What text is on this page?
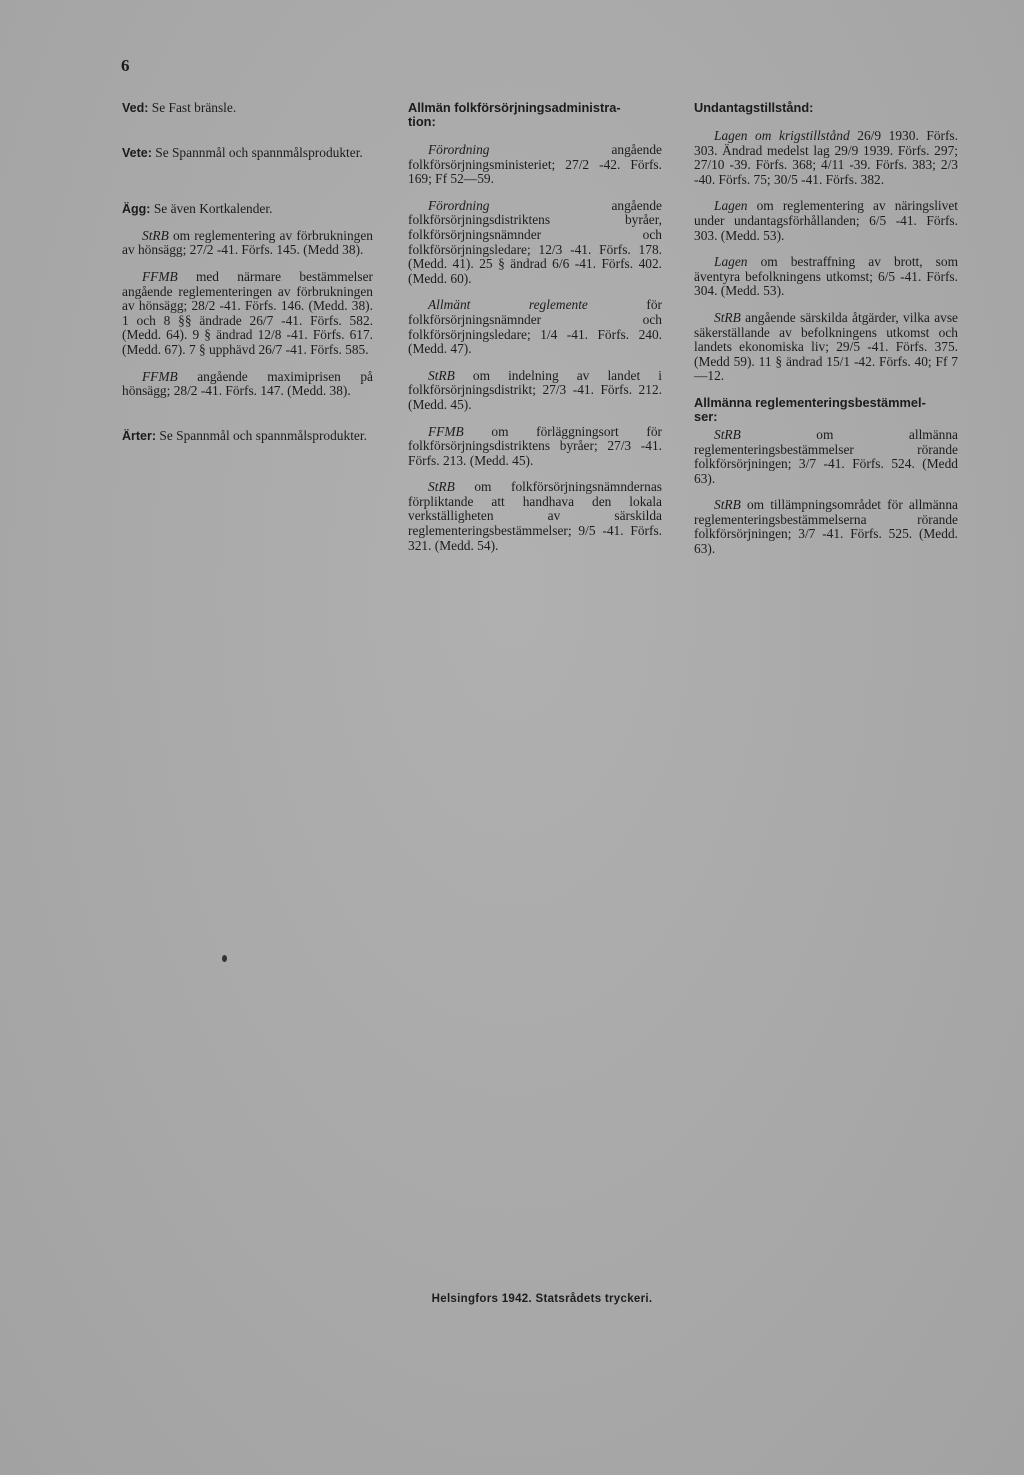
6

Ved: Se Fast bränsle.

Vete: Se Spannmål och spannmålsprodukter.

Ägg: Se även Kortkalender.

StRB om reglementering av förbrukningen av hönsägg; 27/2 -41. Förfs. 145. (Medd 38).

FFMB med närmare bestämmelser angående reglementeringen av förbrukningen av hönsägg; 28/2 -41. Förfs. 146. (Medd. 38). 1 och 8 §§ ändrade 26/7 -41. Förfs. 582. (Medd. 64). 9 § ändrad 12/8 -41. Förfs. 617. (Medd. 67). 7 § upphävd 26/7 -41. Förfs. 585.

FFMB angående maximiprisen på hönsägg; 28/2 -41. Förfs. 147. (Medd. 38).

Ärter: Se Spannmål och spannmålsprodukter.

Allmän folkförsörjningsadministra-
tion:

Förordning	angående folkförsörjningsministeriet; 27/2 -42. Förfs. 169; Ff 52—59.

Förordning	angående folkförsörjningsdistriktens byråer, folkförsörjningsnämnder och folkförsörjningsledare; 12/3 -41. Förfs. 178. (Medd. 41). 25 § ändrad 6/6 -41. Förfs. 402. (Medd. 60).

Allmänt reglemente	för folkförsörjningsnämnder och folkförsörjningsledare; 1/4 -41. Förfs. 240. (Medd. 47).

StRB om indelning av landet i folkförsörjningsdistrikt; 27/3 -41. Förfs. 212. (Medd. 45).

FFMB om förläggningsort för folkförsörjningsdistriktens byråer; 27/3 -41. Förfs. 213. (Medd. 45).

StRB om folkförsörjningsnämndernas förpliktande att handhava den lokala verkställigheten av särskilda reglementeringsbestämmelser; 9/5 -41. Förfs. 321. (Medd. 54).

Undantagstillstånd:

Lagen om krigstillstånd 26/9 1930. Förfs. 303. Ändrad medelst lag 29/9 1939. Förfs. 297; 27/10 -39. Förfs. 368; 4/11 -39. Förfs. 383; 2/3 -40. Förfs. 75; 30/5 -41. Förfs. 382.

Lagen om reglementering av näringslivet under undantagsförhållanden; 6/5 -41. Förfs. 303. (Medd. 53).

Lagen om bestraffning av brott, som äventyra befolkningens utkomst; 6/5 -41. Förfs. 304. (Medd. 53).

StRB angående särskilda åtgärder, vilka avse säkerställande av befolkningens utkomst och landets ekonomiska liv; 29/5 -41. Förfs. 375. (Medd 59). 11 § ändrad 15/1 -42. Förfs. 40; Ff 7—12.

Allmänna reglementeringsbestämmel-
ser:

StRB	om allmänna reglementeringsbestämmelser rörande folkförsörjningen; 3/7 -41. Förfs. 524. (Medd 63).

StRB om tillämpningsområdet för allmänna reglementeringsbestämmelserna rörande folkförsörjningen; 3/7 -41. Förfs. 525. (Medd. 63).

Helsingfors 1942. Statsrådets tryckeri.
